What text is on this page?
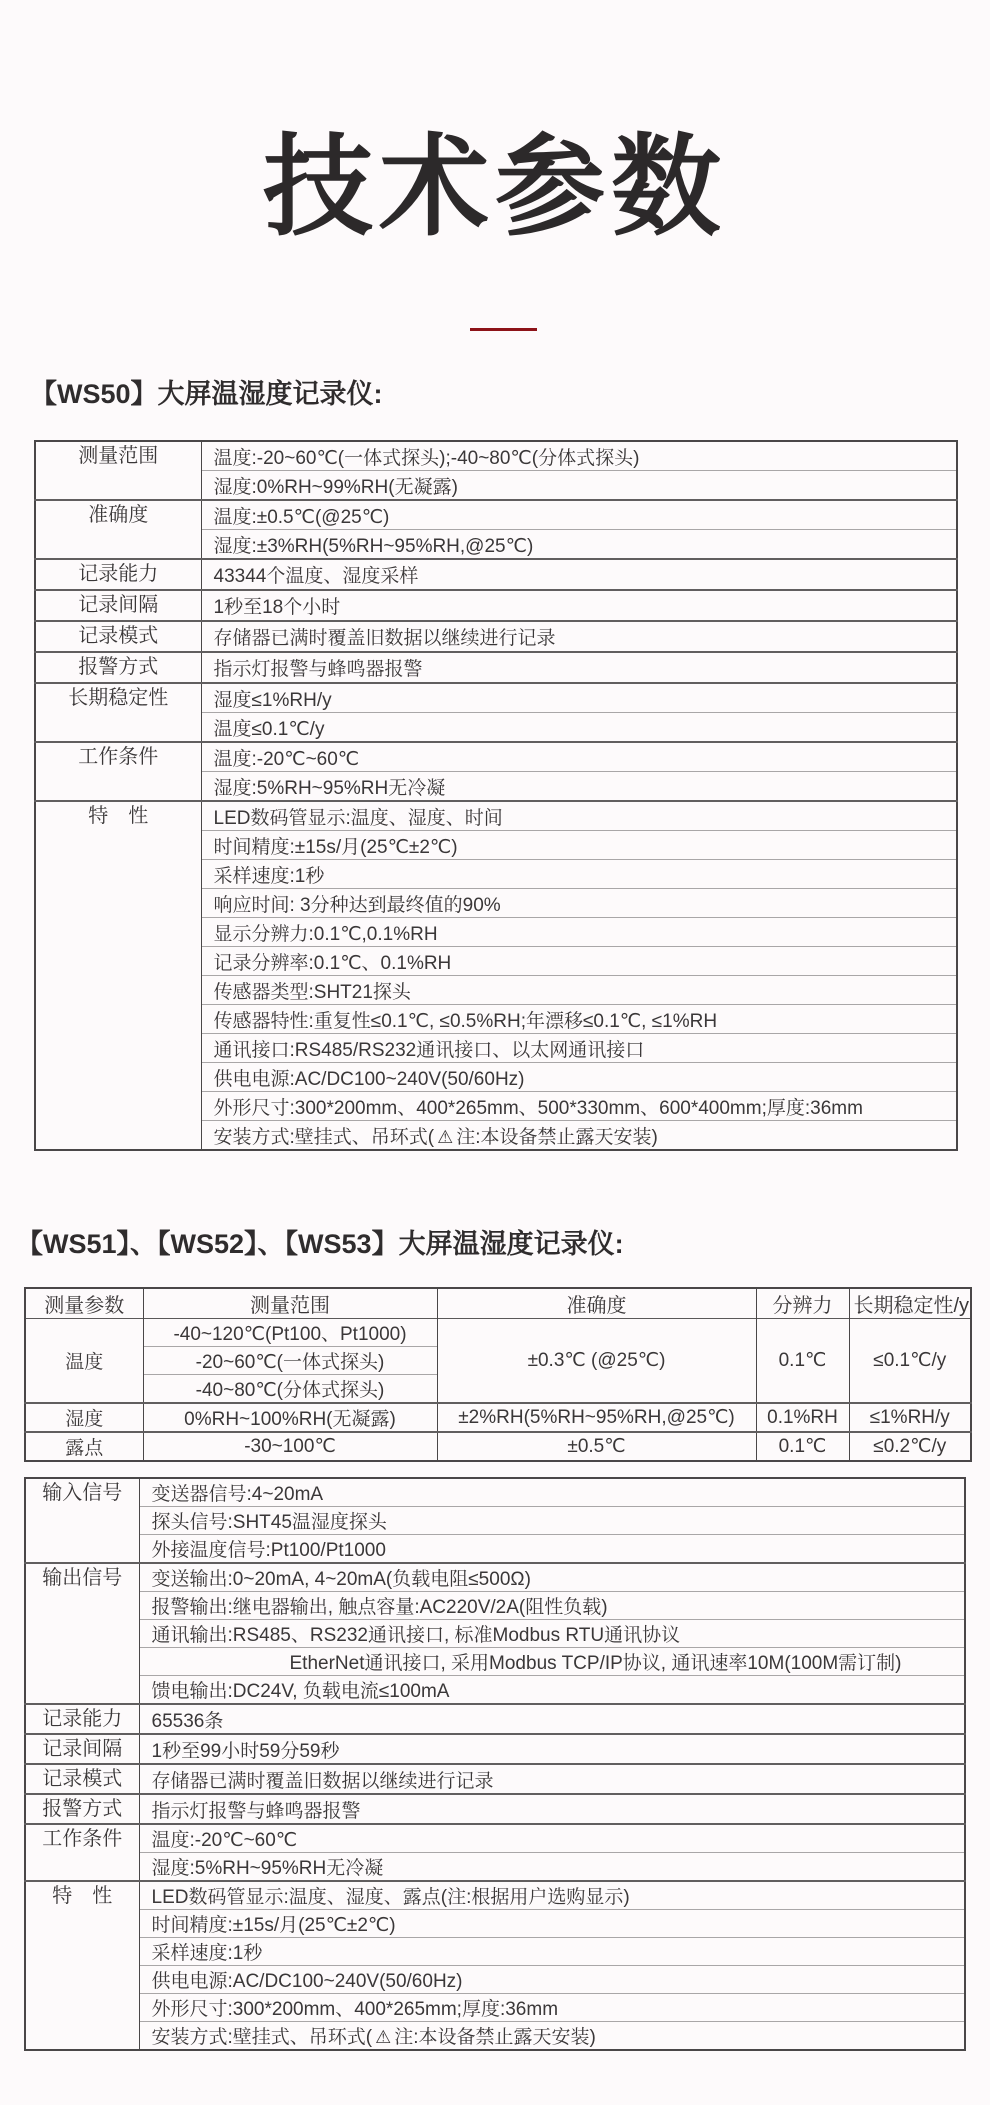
技术参数
【WS50】大屏温湿度记录仪:
测量范围	温度:-20~60℃(一体式探头);-40~80℃(分体式探头)
	湿度:0%RH~99%RH(无凝露)
准确度	温度:±0.5℃(@25℃)
	湿度:±3%RH(5%RH~95%RH,@25℃)
记录能力	43344个温度、湿度采样
记录间隔	1秒至18个小时
记录模式	存储器已满时覆盖旧数据以继续进行记录
报警方式	指示灯报警与蜂鸣器报警
长期稳定性	湿度≤1%RH/y
	温度≤0.1℃/y
工作条件	温度:-20℃~60℃
	湿度:5%RH~95%RH无冷凝
特　性	LED数码管显示:温度、湿度、时间
	时间精度:±15s/月(25℃±2℃)
	采样速度:1秒
	响应时间: 3分种达到最终值的90%
	显示分辨力:0.1℃,0.1%RH
	记录分辨率:0.1℃、0.1%RH
	传感器类型:SHT21探头
	传感器特性:重复性≤0.1℃, ≤0.5%RH;年漂移≤0.1℃, ≤1%RH
	通讯接口:RS485/RS232通讯接口、以太网通讯接口
	供电电源:AC/DC100~240V(50/60Hz)
	外形尺寸:300*200mm、400*265mm、500*330mm、600*400mm;厚度:36mm
	安装方式:壁挂式、吊环式( ⚠ 注:本设备禁止露天安装)
【WS51】、【WS52】、【WS53】大屏温湿度记录仪:
测量参数	测量范围	准确度	分辨力	长期稳定性/y
温度	-40~120℃(Pt100、Pt1000)	±0.3℃ (@25℃)	0.1℃	≤0.1℃/y
	-20~60℃(一体式探头)			
	-40~80℃(分体式探头)			
湿度	0%RH~100%RH(无凝露)	±2%RH(5%RH~95%RH,@25℃)	0.1%RH	≤1%RH/y
露点	-30~100℃	±0.5℃	0.1℃	≤0.2℃/y
输入信号	变送器信号:4~20mA
	探头信号:SHT45温湿度探头
	外接温度信号:Pt100/Pt1000
输出信号	变送输出:0~20mA, 4~20mA(负载电阻≤500Ω)
	报警输出:继电器输出, 触点容量:AC220V/2A(阻性负载)
	通讯输出:RS485、RS232通讯接口, 标准Modbus RTU通讯协议
	EtherNet通讯接口, 采用Modbus TCP/IP协议, 通讯速率10M(100M需订制)
	馈电输出:DC24V, 负载电流≤100mA
记录能力	65536条
记录间隔	1秒至99小时59分59秒
记录模式	存储器已满时覆盖旧数据以继续进行记录
报警方式	指示灯报警与蜂鸣器报警
工作条件	温度:-20℃~60℃
	湿度:5%RH~95%RH无冷凝
特　性	LED数码管显示:温度、湿度、露点(注:根据用户选购显示)
	时间精度:±15s/月(25℃±2℃)
	采样速度:1秒
	供电电源:AC/DC100~240V(50/60Hz)
	外形尺寸:300*200mm、400*265mm;厚度:36mm
	安装方式:壁挂式、吊环式( ⚠ 注:本设备禁止露天安装)
